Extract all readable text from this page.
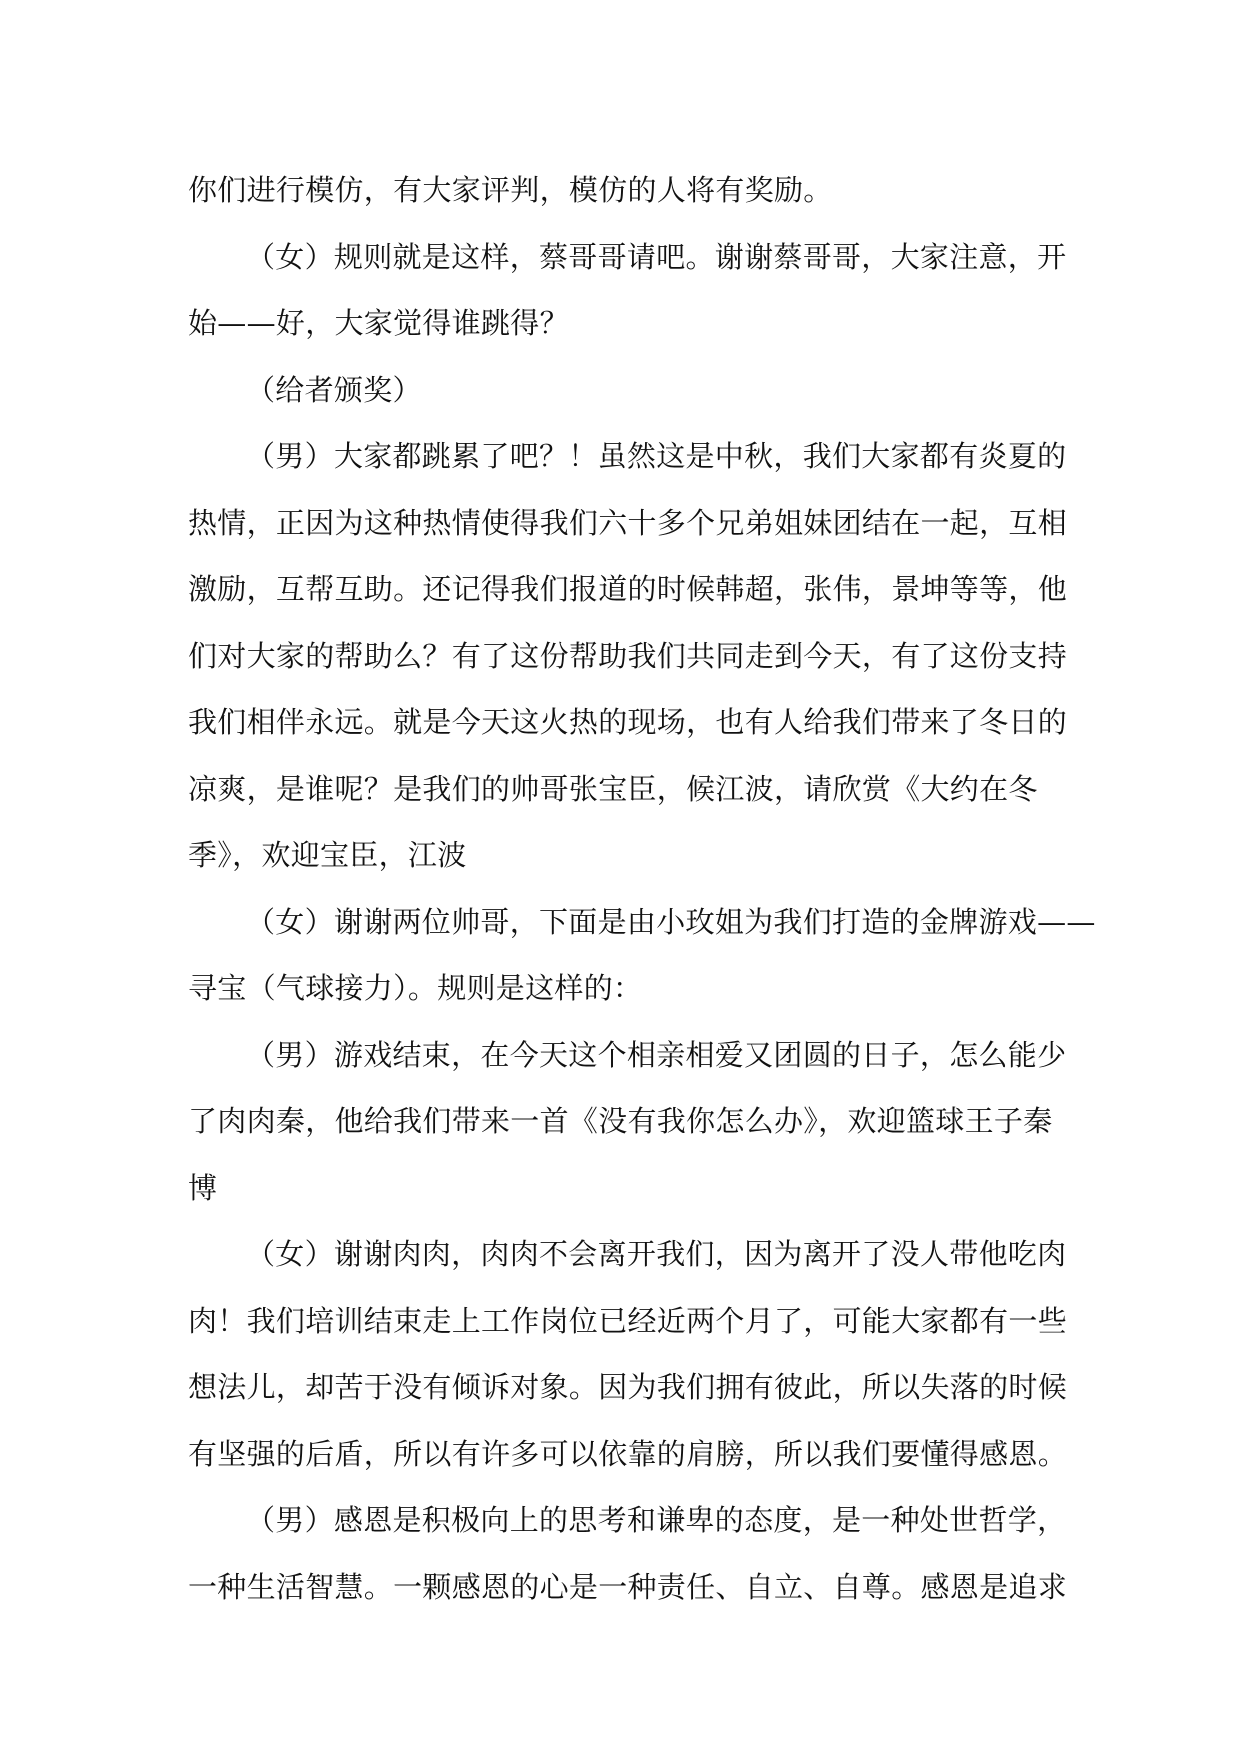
你们进行模仿，有大家评判，模仿的人将有奖励。

（女）规则就是这样，蔡哥哥请吧。谢谢蔡哥哥，大家注意，开
始——好，大家觉得谁跳得？

（给者颁奖）

（男）大家都跳累了吧？！虽然这是中秋，我们大家都有炎夏的
热情，正因为这种热情使得我们六十多个兄弟姐妹团结在一起，互相
激励，互帮互助。还记得我们报道的时候韩超，张伟，景坤等等，他
们对大家的帮助么？有了这份帮助我们共同走到今天，有了这份支持
我们相伴永远。就是今天这火热的现场，也有人给我们带来了冬日的
凉爽，是谁呢？是我们的帅哥张宝臣，候江波，请欣赏《大约在冬
季》，欢迎宝臣，江波

（女）谢谢两位帅哥，下面是由小玫姐为我们打造的金牌游戏——
寻宝（气球接力）。规则是这样的：

（男）游戏结束，在今天这个相亲相爱又团圆的日子，怎么能少
了肉肉秦，他给我们带来一首《没有我你怎么办》，欢迎篮球王子秦
博

（女）谢谢肉肉，肉肉不会离开我们，因为离开了没人带他吃肉
肉！我们培训结束走上工作岗位已经近两个月了，可能大家都有一些
想法儿，却苦于没有倾诉对象。因为我们拥有彼此，所以失落的时候
有坚强的后盾，所以有许多可以依靠的肩膀，所以我们要懂得感恩。

（男）感恩是积极向上的思考和谦卑的态度，是一种处世哲学，
一种生活智慧。一颗感恩的心是一种责任、自立、自尊。感恩是追求
